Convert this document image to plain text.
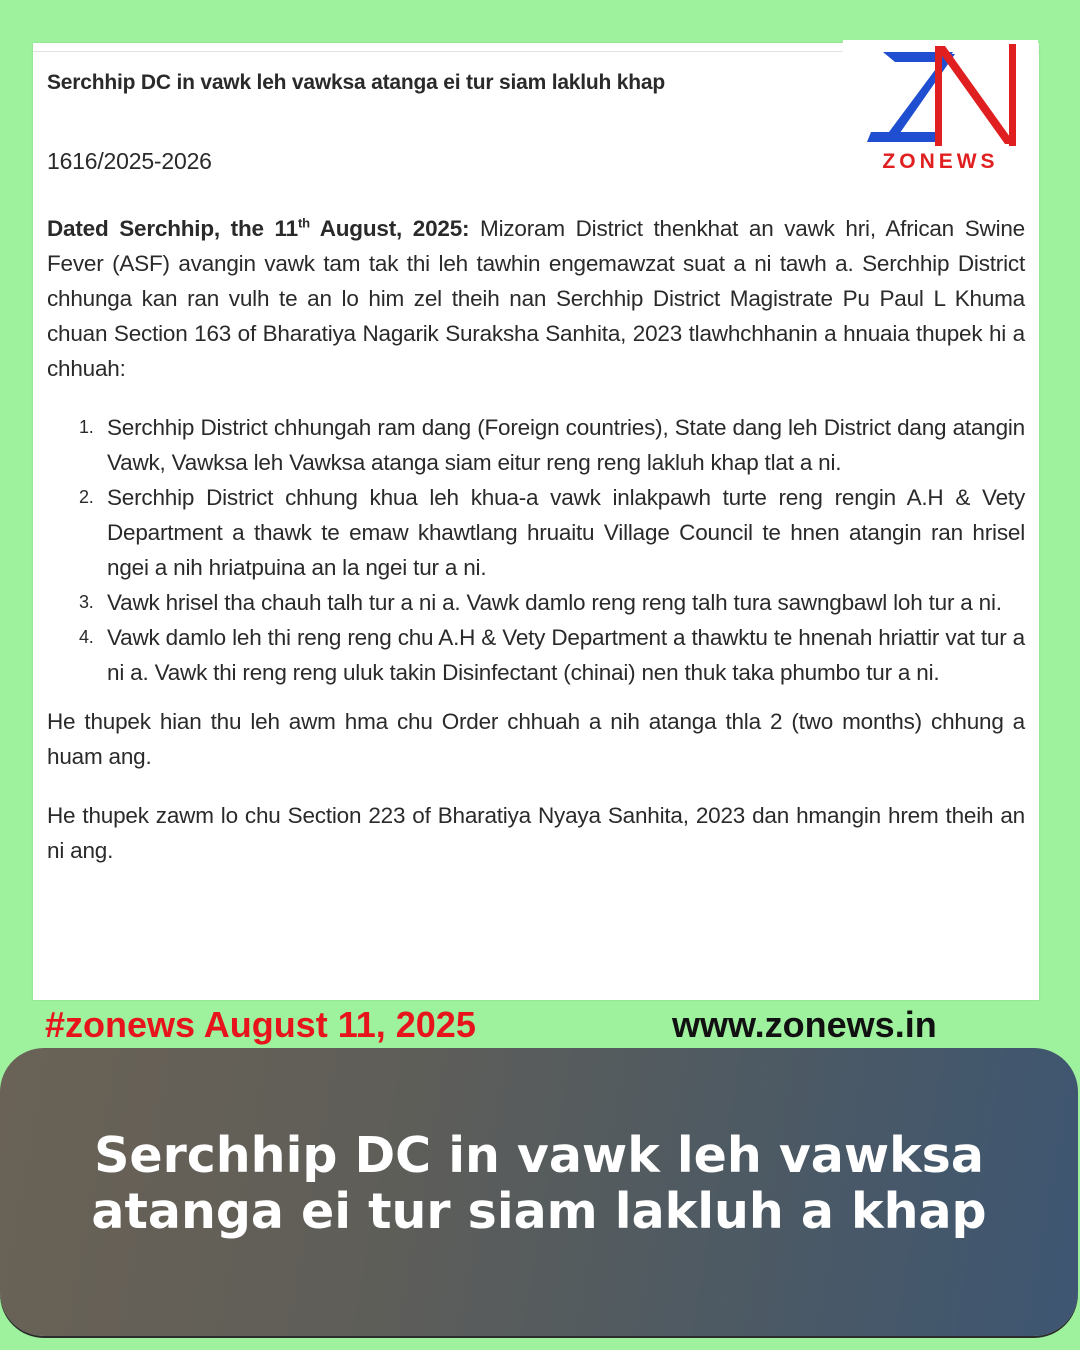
Serchhip DC in vawk leh vawksa atanga ei tur siam lakluh khap

1616/2025-2026

Dated Serchhip, the 11th August, 2025: Mizoram District thenkhat an vawk hri, African Swine Fever (ASF) avangin vawk tam tak thi leh tawhin engemawzat suat a ni tawh a. Serchhip District chhunga kan ran vulh te an lo him zel theih nan Serchhip District Magistrate Pu Paul L Khuma chuan Section 163 of Bharatiya Nagarik Suraksha Sanhita, 2023 tlawhchhanin a hnuaia thupek hi a chhuah:

1. Serchhip District chhungah ram dang (Foreign countries), State dang leh District dang atangin Vawk, Vawksa leh Vawksa atanga siam eitur reng reng lakluh khap tlat a ni.
2. Serchhip District chhung khua leh khua-a vawk inlakpawh turte reng rengin A.H & Vety Department a thawk te emaw khawtlang hruaitu Village Council te hnen atangin ran hrisel ngei a nih hriatpuina an la ngei tur a ni.
3. Vawk hrisel tha chauh talh tur a ni a. Vawk damlo reng reng talh tura sawngbawl loh tur a ni.
4. Vawk damlo leh thi reng reng chu A.H & Vety Department a thawktu te hnenah hriattir vat tur a ni a. Vawk thi reng reng uluk takin Disinfectant (chinai) nen thuk taka phumbo tur a ni.

He thupek hian thu leh awm hma chu Order chhuah a nih atanga thla 2 (two months) chhung a huam ang.

He thupek zawm lo chu Section 223 of Bharatiya Nyaya Sanhita, 2023 dan hmangin hrem theih an ni ang.

ZONEWS
#zonews August 11, 2025	www.zonews.in
Serchhip DC in vawk leh vawksa atanga ei tur siam lakluh a khap
